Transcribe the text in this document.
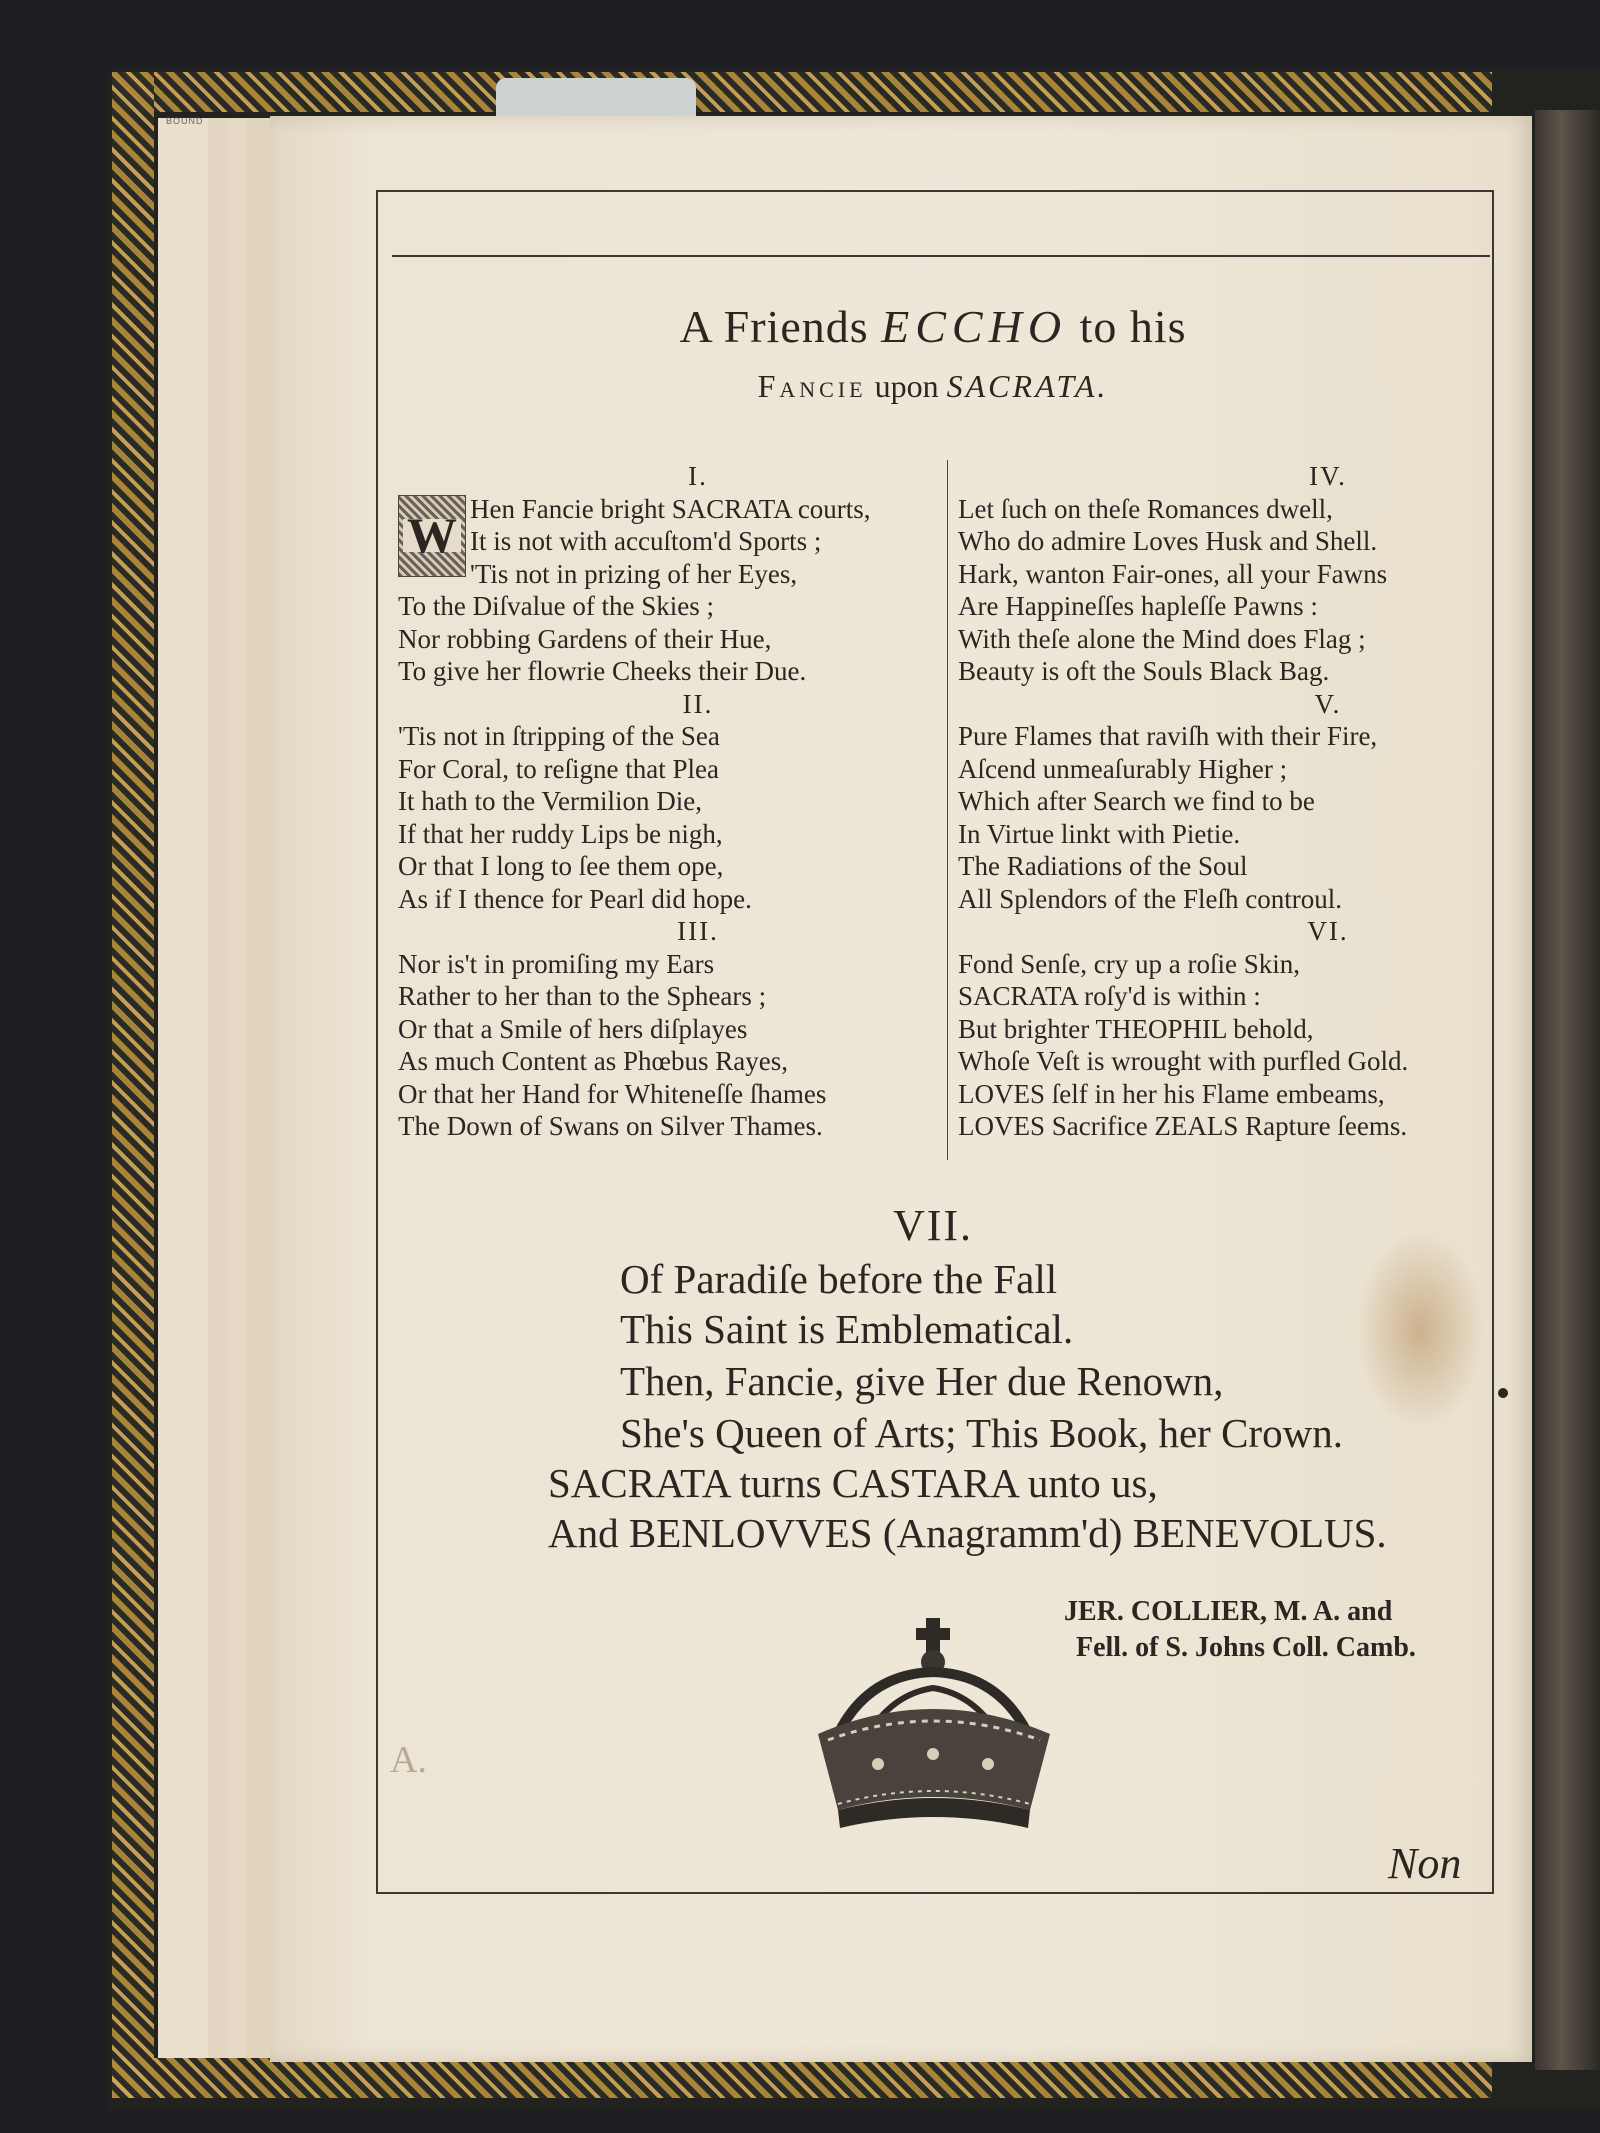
BOUND
A Friends ECCHO to his
Fancie upon SACRATA.
I.
W Hen Fancie bright SACRATA courts,
It is not with accuſtom'd Sports ;
'Tis not in prizing of her Eyes,
To the Diſvalue of the Skies ;
Nor robbing Gardens of their Hue,
To give her flowrie Cheeks their Due.
II.
'Tis not in ſtripping of the Sea
For Coral, to reſigne that Plea
It hath to the Vermilion Die,
If that her ruddy Lips be nigh,
Or that I long to ſee them ope,
As if I thence for Pearl did hope.
III.
Nor is't in promiſing my Ears
Rather to her than to the Sphears ;
Or that a Smile of hers diſplayes
As much Content as Phœbus Rayes,
Or that her Hand for Whiteneſſe ſhames
The Down of Swans on Silver Thames.
IV.
Let ſuch on theſe Romances dwell,
Who do admire Loves Husk and Shell.
Hark, wanton Fair-ones, all your Fawns
Are Happineſſes hapleſſe Pawns :
With theſe alone the Mind does Flag ;
Beauty is oft the Souls Black Bag.
V.
Pure Flames that raviſh with their Fire,
Aſcend unmeaſurably Higher ;
Which after Search we find to be
In Virtue linkt with Pietie.
The Radiations of the Soul
All Splendors of the Fleſh controul.
VI.
Fond Senſe, cry up a roſie Skin,
SACRATA roſy'd is within :
But brighter THEOPHIL behold,
Whoſe Veſt is wrought with purfled Gold.
LOVES ſelf in her his Flame embeams,
LOVES Sacrifice ZEALS Rapture ſeems.
VII.
Of Paradiſe before the Fall
This Saint is Emblematical.
Then, Fancie, give Her due Renown,
She's Queen of Arts; This Book, her Crown.
SACRATA turns CASTARA unto us,
And BENLOVVES (Anagramm'd) BENEVOLUS.
JER. COLLIER, M. A. and
Fell. of S. Johns Coll. Camb.
A.
Non
